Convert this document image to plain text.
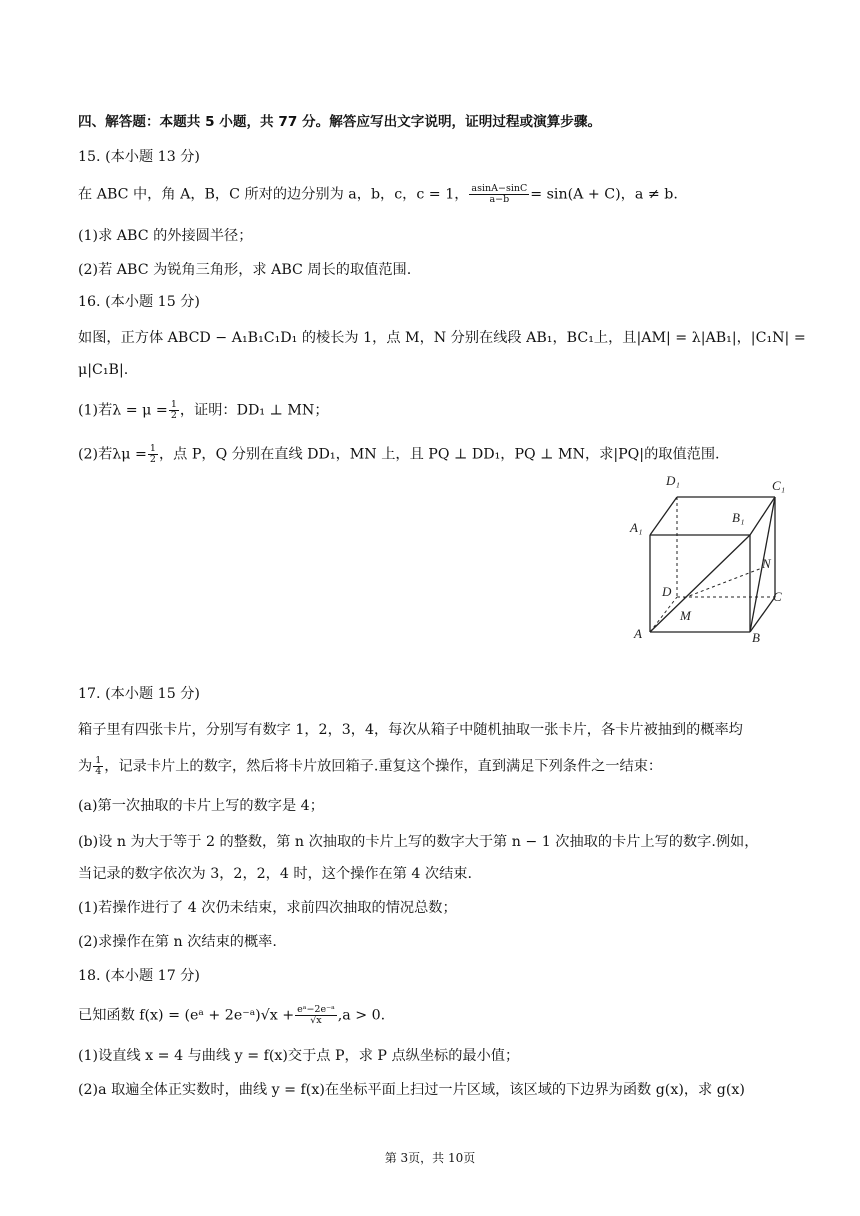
四、解答题：本题共 5 小题，共 77 分。解答应写出文字说明，证明过程或演算步骤。
15. (本小题 13 分)
在 ABC 中，角 A，B，C 所对的边分别为 a，b，c，c = 1， $\frac{asinA-\sin C}{a-b} = \sin(A + C)$，a ≠ b.
(1)求 ABC 的外接圆半径；
(2)若 ABC 为锐角三角形，求 ABC 周长的取值范围.
16. (本小题 15 分)
如图，正方体 ABCD − A₁B₁C₁D₁ 的棱长为 1，点 M，N 分别在线段 AB₁，BC₁上，且|AM| = λ|AB₁|，|C₁N| =
μ|C₁B|.
(1)若$\lambda = \mu = \frac{1}{2}$ ，证明：DD₁ ⊥ MN；
(2)若$\lambda\mu = \frac{1}{2}$ ，点 P，Q 分别在直线 DD₁，MN 上，且 PQ ⊥ DD₁，PQ ⊥ MN，求|PQ|的取值范围.
D₁	C₁
A₁
B₁
N
D	C
M
A	B
17. (本小题 15 分)
箱子里有四张卡片，分别写有数字 1，2，3，4，每次从箱子中随机抽取一张卡片，各卡片被抽到的概率均
为 $\frac{1}{4}$ ，记录卡片上的数字，然后将卡片放回箱子.重复这个操作，直到满足下列条件之一结束：
(a)第一次抽取的卡片上写的数字是 4；
(b)设 n 为大于等于 2 的整数，第 n 次抽取的卡片上写的数字大于第 n − 1 次抽取的卡片上写的数字.例如，
当记录的数字依次为 3，2，2，4 时，这个操作在第 4 次结束.
(1)若操作进行了 4 次仍未结束，求前四次抽取的情况总数；
(2)求操作在第 n 次结束的概率.
18. (本小题 17 分)
已知函数 f(x) = (eᵃ + 2e⁻ᵃ)√x + $\frac{\text{eᵃ−2e⁻ᵃ}}{√x} ,a > 0$.
(1)设直线 x = 4 与曲线 y = f(x)交于点 P，求 P 点纵坐标的最小值；
(2)a 取遍全体正实数时，曲线 y = f(x)在坐标平面上扫过一片区域，该区域的下边界为函数 g(x)，求 g(x)
第 3页，共 10页
